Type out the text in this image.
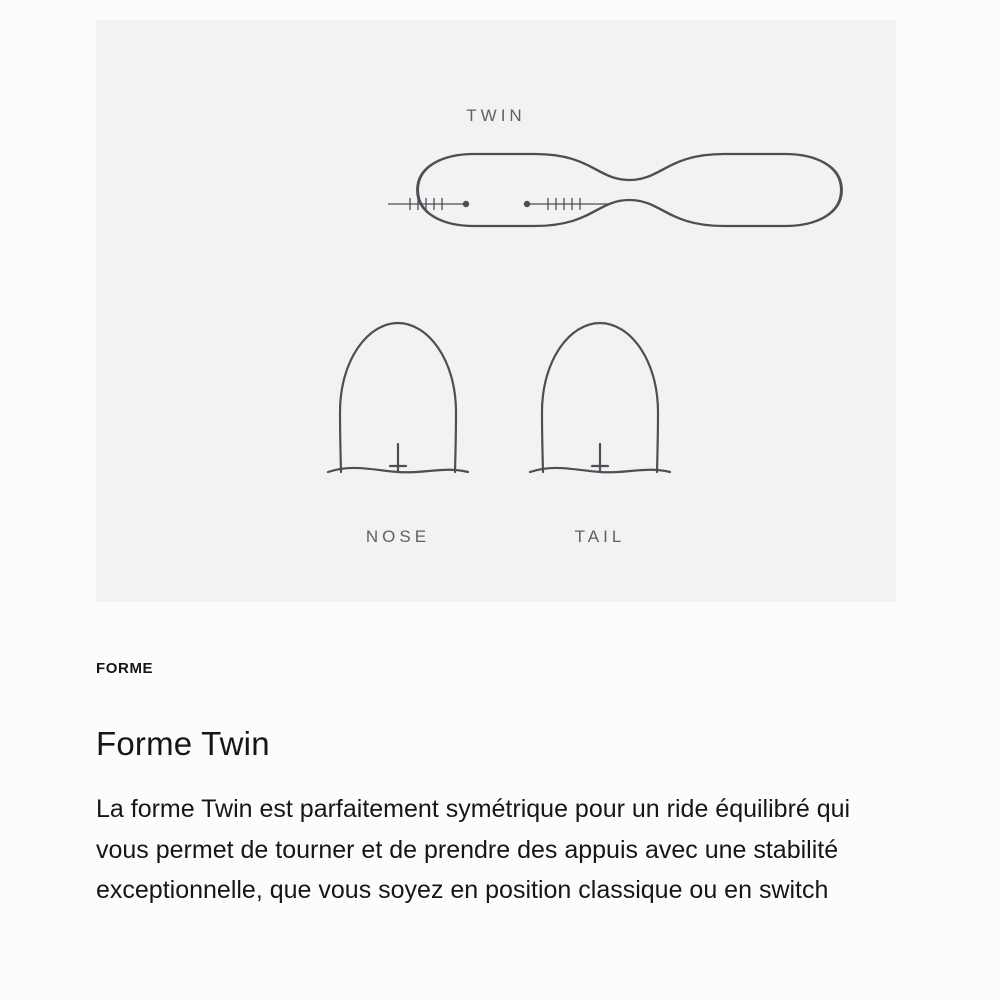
TWIN
NOSE	TAIL

FORME

Forme Twin

La forme Twin est parfaitement symétrique pour un ride équilibré qui vous permet de tourner et de prendre des appuis avec une stabilité exceptionnelle, que vous soyez en position classique ou en switch
